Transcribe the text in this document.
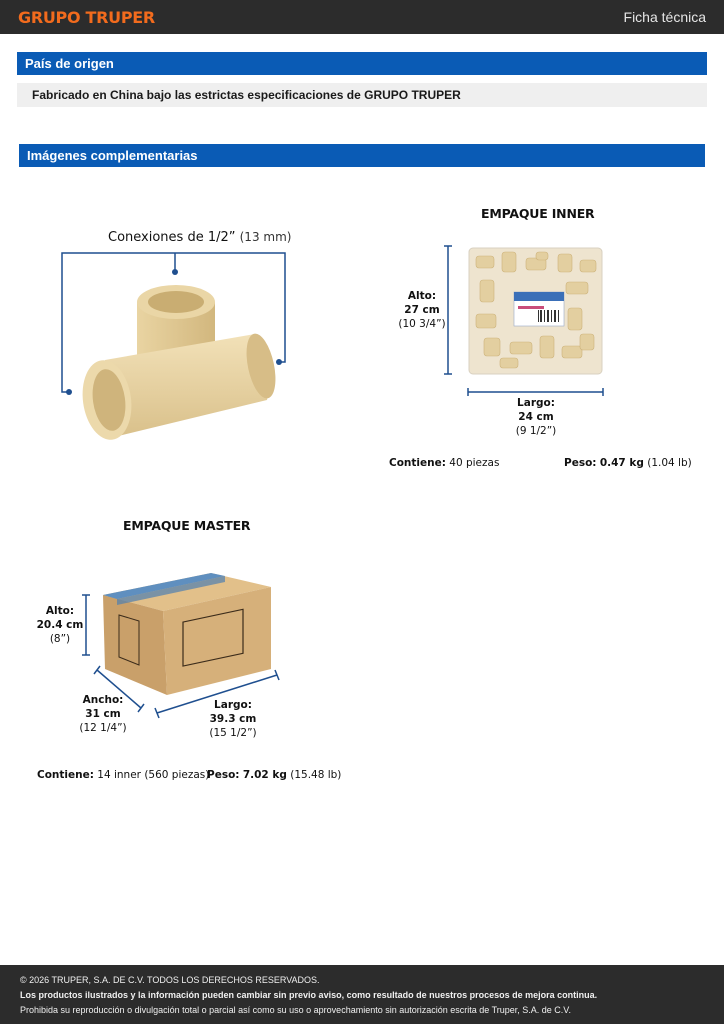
GRUPO TRUPER	Ficha técnica
País de origen
Fabricado en China bajo las estrictas especificaciones de GRUPO TRUPER
Imágenes complementarias
Conexiones de 1/2” (13 mm)
EMPAQUE INNER
Alto:
27 cm
(10 3/4”)
Largo:
24 cm
(9 1/2”)
Contiene: 40 piezas	Peso: 0.47 kg (1.04 lb)
EMPAQUE MASTER
Alto:
20.4 cm
(8”)
Ancho:
31 cm
(12 1/4”)
Largo:
39.3 cm
(15 1/2”)
Contiene: 14 inner (560 piezas)
Peso: 7.02 kg (15.48 lb)
© 2026 TRUPER, S.A. DE C.V. TODOS LOS DERECHOS RESERVADOS.
Los productos ilustrados y la información pueden cambiar sin previo aviso, como resultado de nuestros procesos de mejora continua.
Prohibida su reproducción o divulgación total o parcial así como su uso o aprovechamiento sin autorización escrita de Truper, S.A. de C.V.
